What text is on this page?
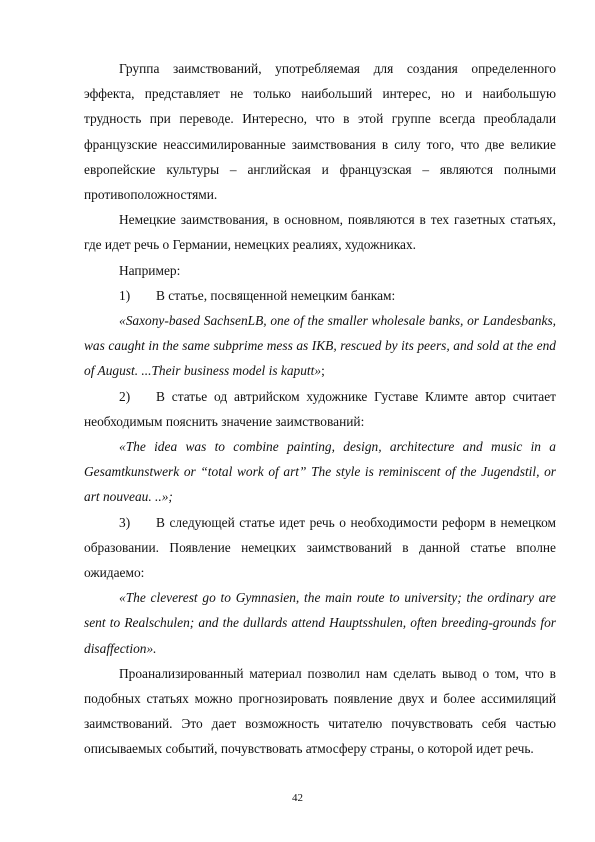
Группа заимствований, употребляемая для создания определенного эффекта, представляет не только наибольший интерес, но и наибольшую трудность при переводе. Интересно, что в этой группе всегда преобладали французские неассимилированные заимствования в силу того, что две великие европейские культуры – английская и французская – являются полными противоположностями.

Немецкие заимствования, в основном, появляются в тех газетных статьях, где идет речь о Германии, немецких реалиях, художниках.

Например:

1) В статье, посвященной немецким банкам:

«Saxony-based SachsenLB, one of the smaller wholesale banks, or Landesbanks, was caught in the same subprime mess as IKB, rescued by its peers, and sold at the end of August. ...Their business model is kaputt»;

2) В статье од автрийском художнике Густаве Климте автор считает необходимым пояснить значение заимствований:

«The idea was to combine painting, design, architecture and music in a Gesamtkunstwerk or “total work of art” The style is reminiscent of the Jugendstil, or art nouveau. ..»;

3) В следующей статье идет речь о необходимости реформ в немецком образовании. Появление немецких заимствований в данной статье вполне ожидаемо:

«The cleverest go to Gymnasien, the main route to university; the ordinary are sent to Realschulen; and the dullards attend Hauptsshulen, often breeding-grounds for disaffection».

Проанализированный материал позволил нам сделать вывод о том, что в подобных статьях можно прогнозировать появление двух и более ассимиляций заимствований. Это дает возможность читателю почувствовать себя частью описываемых событий, почувствовать атмосферу страны, о которой идет речь.

42
